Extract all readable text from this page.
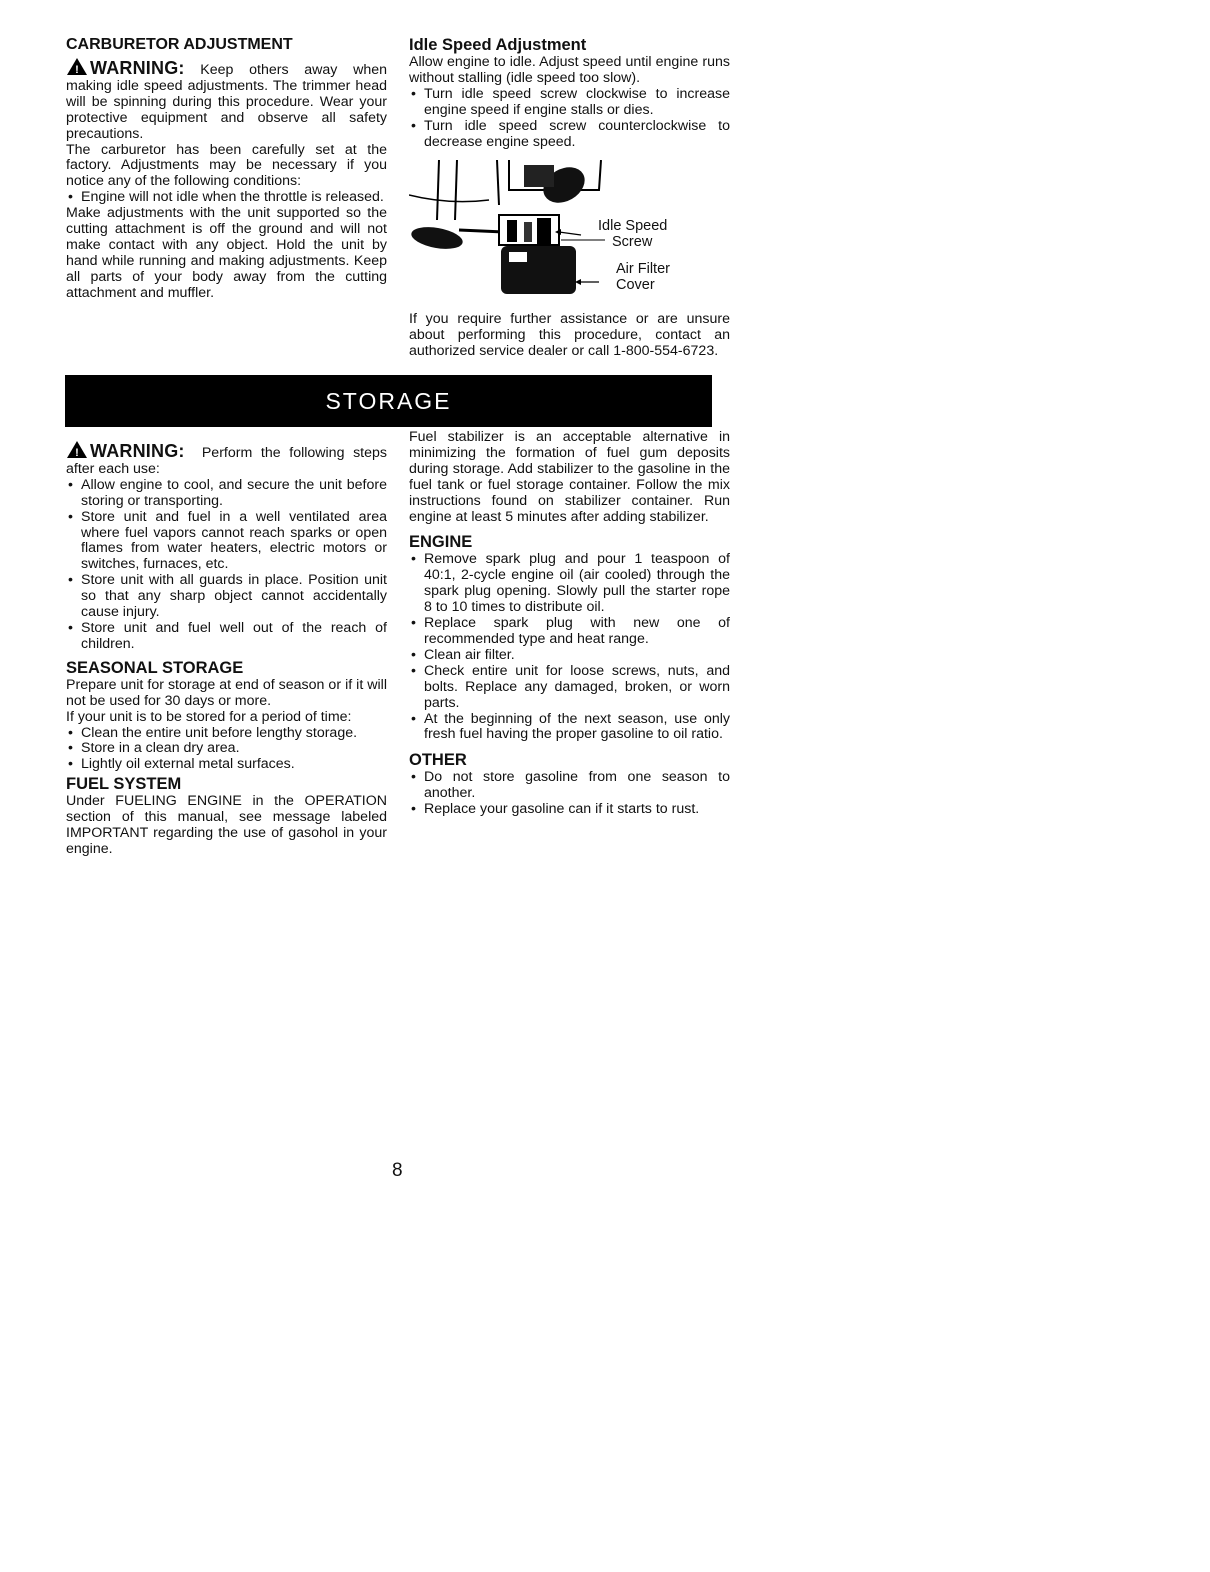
CARBURETOR ADJUSTMENT

! WARNING: Keep others away when making idle speed adjustments. The trimmer head will be spinning during this procedure. Wear your protective equipment and observe all safety precautions.

The carburetor has been carefully set at the factory. Adjustments may be necessary if you notice any of the following conditions:

• Engine will not idle when the throttle is released.

Make adjustments with the unit supported so the cutting attachment is off the ground and will not make contact with any object. Hold the unit by hand while running and making adjustments. Keep all parts of your body away from the cutting attachment and muffler.

Idle Speed Adjustment

Allow engine to idle. Adjust speed until engine runs without stalling (idle speed too slow).

• Turn idle speed screw clockwise to increase engine speed if engine stalls or dies.
• Turn idle speed screw counterclockwise to decrease engine speed.
Idle Speed
Screw
Air Filter
Cover

If you require further assistance or are unsure about performing this procedure, contact an authorized service dealer or call 1-800-554-6723.

STORAGE

! WARNING: Perform the following steps after each use:

• Allow engine to cool, and secure the unit before storing or transporting.
• Store unit and fuel in a well ventilated area where fuel vapors cannot reach sparks or open flames from water heaters, electric motors or switches, furnaces, etc.
• Store unit with all guards in place. Position unit so that any sharp object cannot accidentally cause injury.
• Store unit and fuel well out of the reach of children.
SEASONAL STORAGE

Prepare unit for storage at end of season or if it will not be used for 30 days or more.

If your unit is to be stored for a period of time:

• Clean the entire unit before lengthy storage.
• Store in a clean dry area.
• Lightly oil external metal surfaces.
FUEL SYSTEM

Under FUELING ENGINE in the OPERATION section of this manual, see message labeled IMPORTANT regarding the use of gasohol in your engine.

Fuel stabilizer is an acceptable alternative in minimizing the formation of fuel gum deposits during storage. Add stabilizer to the gasoline in the fuel tank or fuel storage container. Follow the mix instructions found on stabilizer container. Run engine at least 5 minutes after adding stabilizer.

ENGINE
• Remove spark plug and pour 1 teaspoon of 40:1, 2-cycle engine oil (air cooled) through the spark plug opening. Slowly pull the starter rope 8 to 10 times to distribute oil.
• Replace spark plug with new one of recommended type and heat range.
• Clean air filter.
• Check entire unit for loose screws, nuts, and bolts. Replace any damaged, broken, or worn parts.
• At the beginning of the next season, use only fresh fuel having the proper gasoline to oil ratio.
OTHER
• Do not store gasoline from one season to another.
• Replace your gasoline can if it starts to rust.
8
